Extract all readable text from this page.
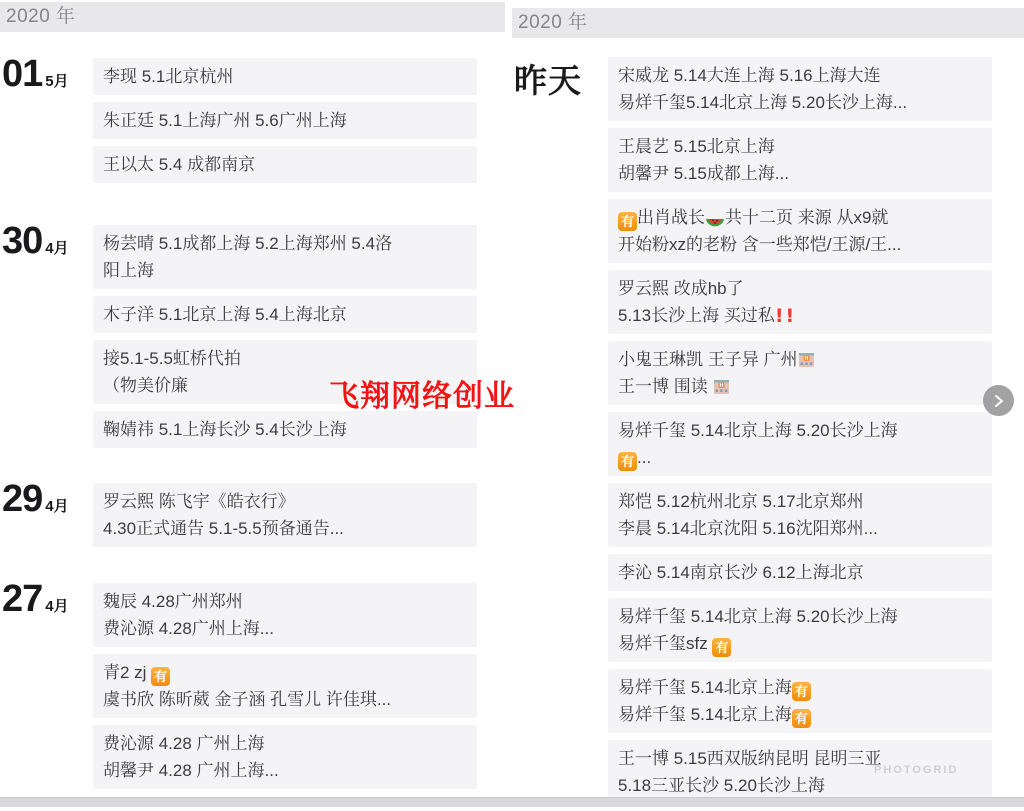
2020 年
01 5月 李现 5.1北京杭州
朱正廷 5.1上海广州 5.6广州上海
王以太 5.4 成都南京
30 4月 杨芸晴 5.1成都上海 5.2上海郑州 5.4洛
阳上海
木子洋 5.1北京上海 5.4上海北京
接5.1-5.5虹桥代拍
（物美价廉
鞠婧祎 5.1上海长沙 5.4长沙上海
29 4月 罗云熙 陈飞宇《皓衣行》
4.30正式通告 5.1-5.5预备通告...
27 4月 魏辰 4.28广州郑州
费沁源 4.28广州上海...
青2 zj 有
虞书欣 陈昕葳 金子涵 孔雪儿 许佳琪...
费沁源 4.28 广州上海
胡馨尹 4.28 广州上海...
2020 年
昨天 宋威龙 5.14大连上海 5.16上海大连
易烊千玺5.14北京上海 5.20长沙上海...
王晨艺 5.15北京上海
胡馨尹 5.15成都上海...
有 出肖战长 共十二页 来源 从x9就
开始粉xz的老粉 含一些郑恺/王源/王...
罗云熙 改成hb了
5.13长沙上海 买过私!!
小鬼王琳凯 王子异 广州 H
王一博 围读 H
易烊千玺 5.14北京上海 5.20长沙上海
有 ...
郑恺 5.12杭州北京 5.17北京郑州
李晨 5.14北京沈阳 5.16沈阳郑州...
李沁 5.14南京长沙 6.12上海北京
易烊千玺 5.14北京上海 5.20长沙上海
易烊千玺sfz 有
易烊千玺 5.14北京上海 有
易烊千玺 5.14北京上海 有
王一博 5.15西双版纳昆明 昆明三亚
5.18三亚长沙 5.20长沙上海
飞翔网络创业
PHOTOGRID
